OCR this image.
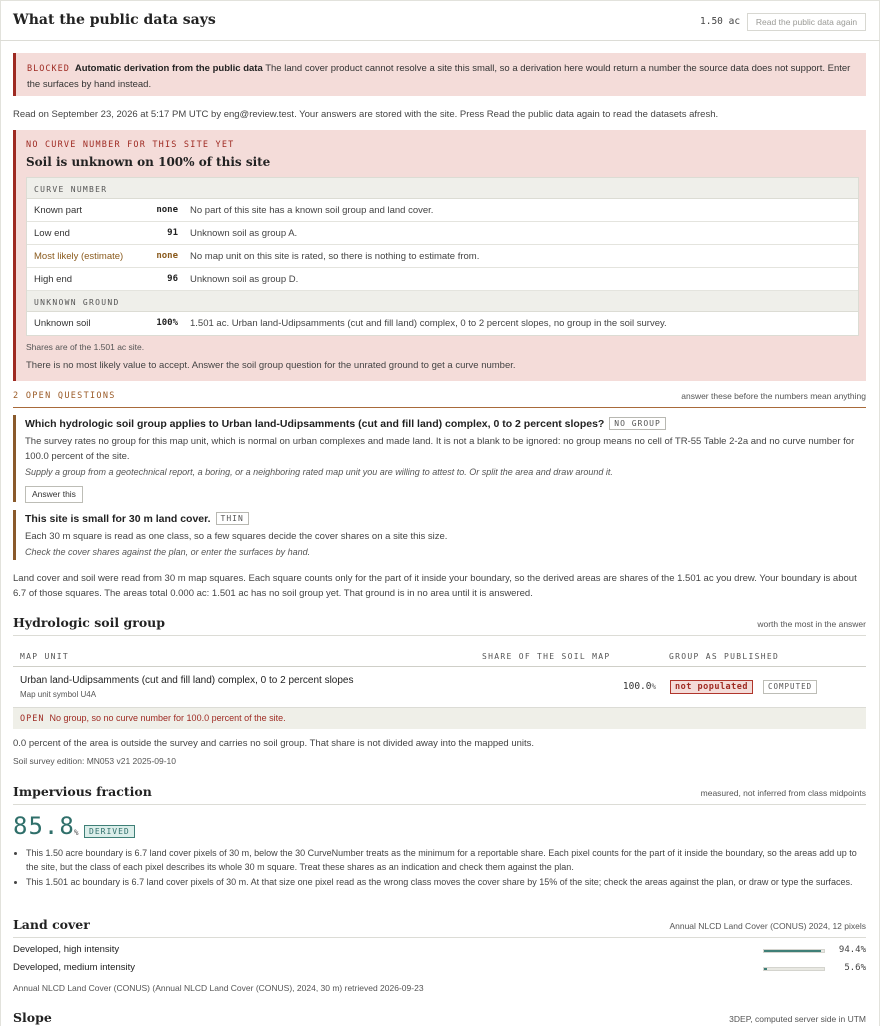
What the public data says	1.50 ac	Read the public data again
BLOCKED Automatic derivation from the public data The land cover product cannot resolve a site this small, so a derivation here would return a number the source data does not support. Enter the surfaces by hand instead.
Read on September 23, 2026 at 5:17 PM UTC by eng@review.test. Your answers are stored with the site. Press Read the public data again to read the datasets afresh.
NO CURVE NUMBER FOR THIS SITE YET
Soil is unknown on 100% of this site
CURVE NUMBER
Known part	none No part of this site has a known soil group and land cover.
Low end	91 Unknown soil as group A.
Most likely (estimate)	none No map unit on this site is rated, so there is nothing to estimate from.
High end	96 Unknown soil as group D.
UNKNOWN GROUND
Unknown soil	100% 1.501 ac. Urban land-Udipsamments (cut and fill land) complex, 0 to 2 percent slopes, no group in the soil survey.
Shares are of the 1.501 ac site.
There is no most likely value to accept. Answer the soil group question for the unrated ground to get a curve number.
2 OPEN QUESTIONS	answer these before the numbers mean anything
Which hydrologic soil group applies to Urban land-Udipsamments (cut and fill land) complex, 0 to 2 percent slopes? NO GROUP
The survey rates no group for this map unit, which is normal on urban complexes and made land. It is not a blank to be ignored: no group means no cell of TR-55 Table 2-2a and no curve number for 100.0 percent of the site.
Supply a group from a geotechnical report, a boring, or a neighboring rated map unit you are willing to attest to. Or split the area and draw around it.
Answer this
This site is small for 30 m land cover. THIN
Each 30 m square is read as one class, so a few squares decide the cover shares on a site this size.
Check the cover shares against the plan, or enter the surfaces by hand.
Land cover and soil were read from 30 m map squares. Each square counts only for the part of it inside your boundary, so the derived areas are shares of the 1.501 ac you drew. Your boundary is about 6.7 of those squares. The areas total 0.000 ac: 1.501 ac has no soil group yet. That ground is in no area until it is answered.
Hydrologic soil group	worth the most in the answer
MAP UNIT	SHARE OF THE SOIL MAP	GROUP AS PUBLISHED
Urban land-Udipsamments (cut and fill land) complex, 0 to 2 percent slopes
Map unit symbol U4A
100.0%	not populated	COMPUTED
OPEN No group, so no curve number for 100.0 percent of the site.
0.0 percent of the area is outside the survey and carries no soil group. That share is not divided away into the mapped units.
Soil survey edition: MN053 v21 2025-09-10
Impervious fraction	measured, not inferred from class midpoints
85.8 %	DERIVED
• This 1.50 acre boundary is 6.7 land cover pixels of 30 m, below the 30 CurveNumber treats as the minimum for a reportable share. Each pixel counts for the part of it inside the boundary, so the areas add up to the site, but the class of each pixel describes its whole 30 m square. Treat these shares as an indication and check them against the plan.
• This 1.501 ac boundary is 6.7 land cover pixels of 30 m. At that size one pixel read as the wrong class moves the cover share by 15% of the site; check the areas against the plan, or draw or type the surfaces.
Land cover	Annual NLCD Land Cover (CONUS) 2024, 12 pixels
Developed, high intensity	94.4%
Developed, medium intensity	5.6%
Annual NLCD Land Cover (CONUS) (Annual NLCD Land Cover (CONUS), 2024, 30 m) retrieved 2026-09-23
Slope	3DEP, computed server side in UTM
